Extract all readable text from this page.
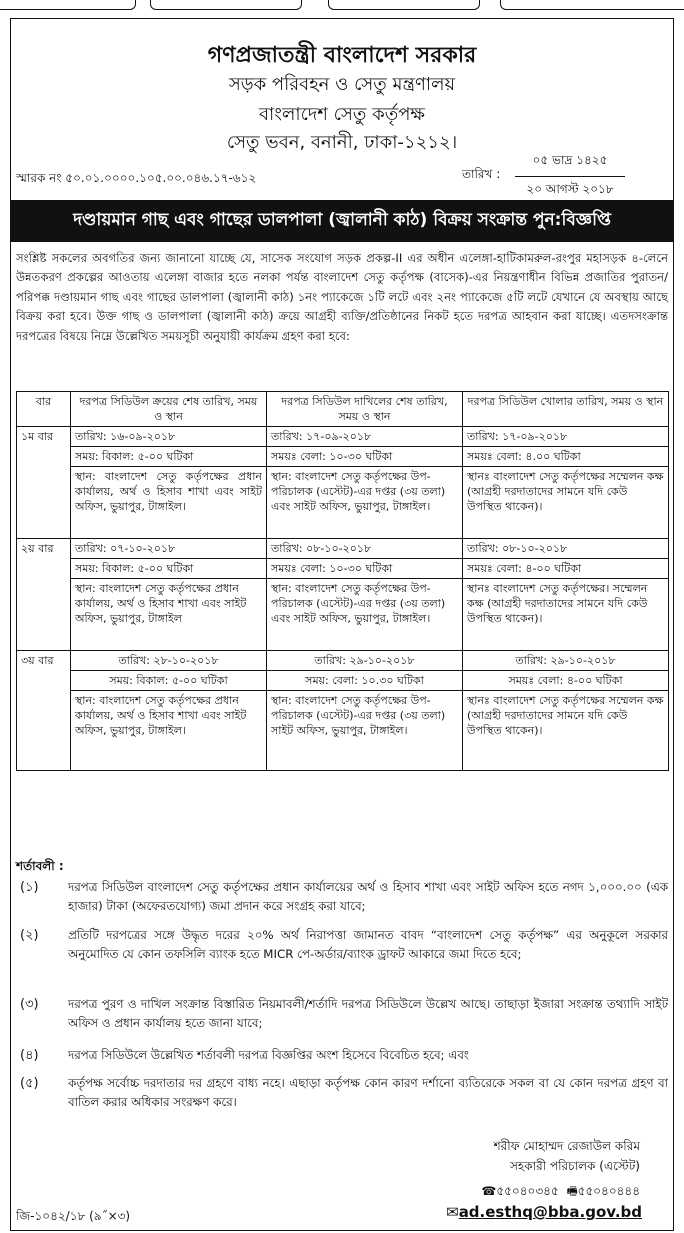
গণপ্রজাতন্ত্রী বাংলাদেশ সরকার
সড়ক পরিবহন ও সেতু মন্ত্রণালয়
বাংলাদেশ সেতু কর্তৃপক্ষ
সেতু ভবন, বনানী, ঢাকা-১২১২।
স্মারক নং ৫০.০১.০০০০.১০৫.০০.০৪৬.১৭-৬১২	তারিখ :
০৫ ভাদ্র ১৪২৫
২০ আগস্ট ২০১৮
দণ্ডায়মান গাছ এবং গাছের ডালপালা (জ্বালানী কাঠ) বিক্রয় সংক্রান্ত পুন:বিজ্ঞপ্তি
সংশ্লিষ্ট সকলের অবগতির জন্য জানানো যাচ্ছে যে, সাসেক সংযোগ সড়ক প্রকল্প-II এর অধীন এলেঙ্গা-হাটিকামরুল-রংপুর মহাসড়ক ৪-লেনে উন্নতকরণ প্রকল্পের আওতায় এলেঙ্গা বাজার হতে নলকা পর্যন্ত বাংলাদেশ সেতু কর্তৃপক্ষ (বাসেক)-এর নিয়ন্ত্রণাধীন বিভিন্ন প্রজাতির পুরাতন/পরিপক্ক দণ্ডায়মান গাছ এবং গাছের ডালপালা (জ্বালানী কাঠ) ১নং প্যাকেজে ১টি লটে এবং ২নং প্যাকেজে ৫টি লটে যেখানে যে অবস্থায় আছে বিক্রয় করা হবে। উক্ত গাছ ও ডালপালা (জ্বালানী কাঠ) ক্রয়ে আগ্রহী ব্যক্তি/প্রতিষ্ঠানের নিকট হতে দরপত্র আহবান করা যাচ্ছে। এতদসংক্রান্ত দরপত্রের বিষয়ে নিম্নে উল্লেখিত সময়সূচী অনুযায়ী কার্যক্রম গ্রহণ করা হবে:
বার	দরপত্র সিডিউল ক্রয়ের শেষ তারিখ, সময় ও স্থান	দরপত্র সিডিউল দাখিলের শেষ তারিখ, সময় ও স্থান	দরপত্র সিডিউল খোলার তারিখ, সময় ও স্থান
১ম বার	তারিখ: ১৬-০৯-২০১৮	তারিখ: ১৭-০৯-২০১৮	তারিখ: ১৭-০৯-২০১৮
	সময়: বিকাল: ৫-০০ ঘটিকা	সময়ঃ বেলা: ১০-৩০ ঘটিকা	সময়ঃ বেলা: ৪.০০ ঘটিকা
	স্থান: বাংলাদেশ সেতু কর্তৃপক্ষের প্রধান কার্যালয়, অর্থ ও হিসাব শাখা এবং সাইট অফিস, ভুয়াপুর, টাঙ্গাইল।	স্থান: বাংলাদেশ সেতু কর্তৃপক্ষের উপ-পরিচালক (এস্টেট)-এর দপ্তর (৩য় তলা) এবং সাইট অফিস, ভুয়াপুর, টাঙ্গাইল।	স্থানঃ বাংলাদেশ সেতু কর্তৃপক্ষের সম্মেলন কক্ষ (আগ্রহী দরদাতাদের সামনে যদি কেউ উপস্থিত থাকেন)।
২য় বার	তারিখ: ০৭-১০-২০১৮	তারিখ: ০৮-১০-২০১৮	তারিখ: ০৮-১০-২০১৮
	সময়: বিকাল: ৫-০০ ঘটিকা	সময়ঃ বেলা: ১০-৩০ ঘটিকা	সময়ঃ বেলা: ৪-০০ ঘটিকা
	স্থান: বাংলাদেশ সেতু কর্তৃপক্ষের প্রধান কার্যালয়, অর্থ ও হিসাব শাখা এবং সাইট অফিস, ভুয়াপুর, টাঙ্গাইল	স্থান: বাংলাদেশ সেতু কর্তৃপক্ষের উপ-পরিচালক (এস্টেট)-এর দপ্তর (৩য় তলা) এবং সাইট অফিস, ভুয়াপুর, টাঙ্গাইল।	স্থানঃ বাংলাদেশ সেতু কর্তৃপক্ষের। সম্মেলন কক্ষ (আগ্রহী দরদাতাদের সামনে যদি কেউ উপস্থিত থাকেন)।
৩য় বার	তারিখ: ২৮-১০-২০১৮	তারিখ: ২৯-১০-২০১৮	তারিখ: ২৯-১০-২০১৮
	সময়: বিকাল: ৫-০০ ঘটিকা	সময়: বেলা: ১০.৩০ ঘটিকা	সময়ঃ বেলা: ৪-০০ ঘটিকা
	স্থান: বাংলাদেশ সেতু কর্তৃপক্ষের প্রধান কার্যালয়, অর্থ ও হিসাব শাখা এবং সাইট অফিস, ভুয়াপুর, টাঙ্গাইল।	স্থান: বাংলাদেশ সেতু কর্তৃপক্ষের উপ-পরিচালক (এস্টেট)-এর দপ্তর (৩য় তলা) সাইট অফিস, ভুয়াপুর, টাঙ্গাইল।	স্থানঃ বাংলাদেশ সেতু কর্তৃপক্ষের সম্মেলন কক্ষ (আগ্রহী দরদাতাদের সামনে যদি কেউ উপস্থিত থাকেন)।
শর্তাবলী :
(১)	দরপত্র সিডিউল বাংলাদেশ সেতু কর্তৃপক্ষের প্রধান কার্যালয়ের অর্থ ও হিসাব শাখা এবং সাইট অফিস হতে নগদ ১,০০০.০০ (এক হাজার) টাকা (অফেরতযোগ্য) জমা প্রদান করে সংগ্রহ করা যাবে;
(২)	প্রতিটি দরপত্রের সঙ্গে উদ্ধৃত দরের ২০% অর্থ নিরাপত্তা জামানত বাবদ “বাংলাদেশ সেতু কর্তৃপক্ষ” এর অনুকূলে সরকার অনুমোদিত যে কোন তফসিলি ব্যাংক হতে MICR পে-অর্ডার/ব্যাংক ড্রাফট আকারে জমা দিতে হবে;
(৩)	দরপত্র পুরণ ও দাখিল সংক্রান্ত বিস্তারিত নিয়মাবলী/শর্তাদি দরপত্র সিডিউলে উল্লেখ আছে। তাছাড়া ইজারা সংক্রান্ত তথ্যাদি সাইট অফিস ও প্রধান কার্যালয় হতে জানা যাবে;
(৪)	দরপত্র সিডিউলে উল্লেখিত শর্তাবলী দরপত্র বিজ্ঞপ্তির অংশ হিসেবে বিবেচিত হবে; এবং
(৫)	কর্তৃপক্ষ সর্বোচ্চ দরদাতার দর গ্রহণে বাধ্য নহে। এছাড়া কর্তৃপক্ষ কোন কারণ দর্শানো ব্যতিরেকে সকল বা যে কোন দরপত্র গ্রহণ বা বাতিল করার অধিকার সংরক্ষণ করে।
শরীফ মোহাম্মদ রেজাউল করিম
সহকারী পরিচালক (এস্টেট)
☎৫৫০৪০৩৪৫ 🖷৫৫০৪০৪৪৪
✉ad.esthq@bba.gov.bd
জি-১০৪২/১৮ (৯˝×৩)
